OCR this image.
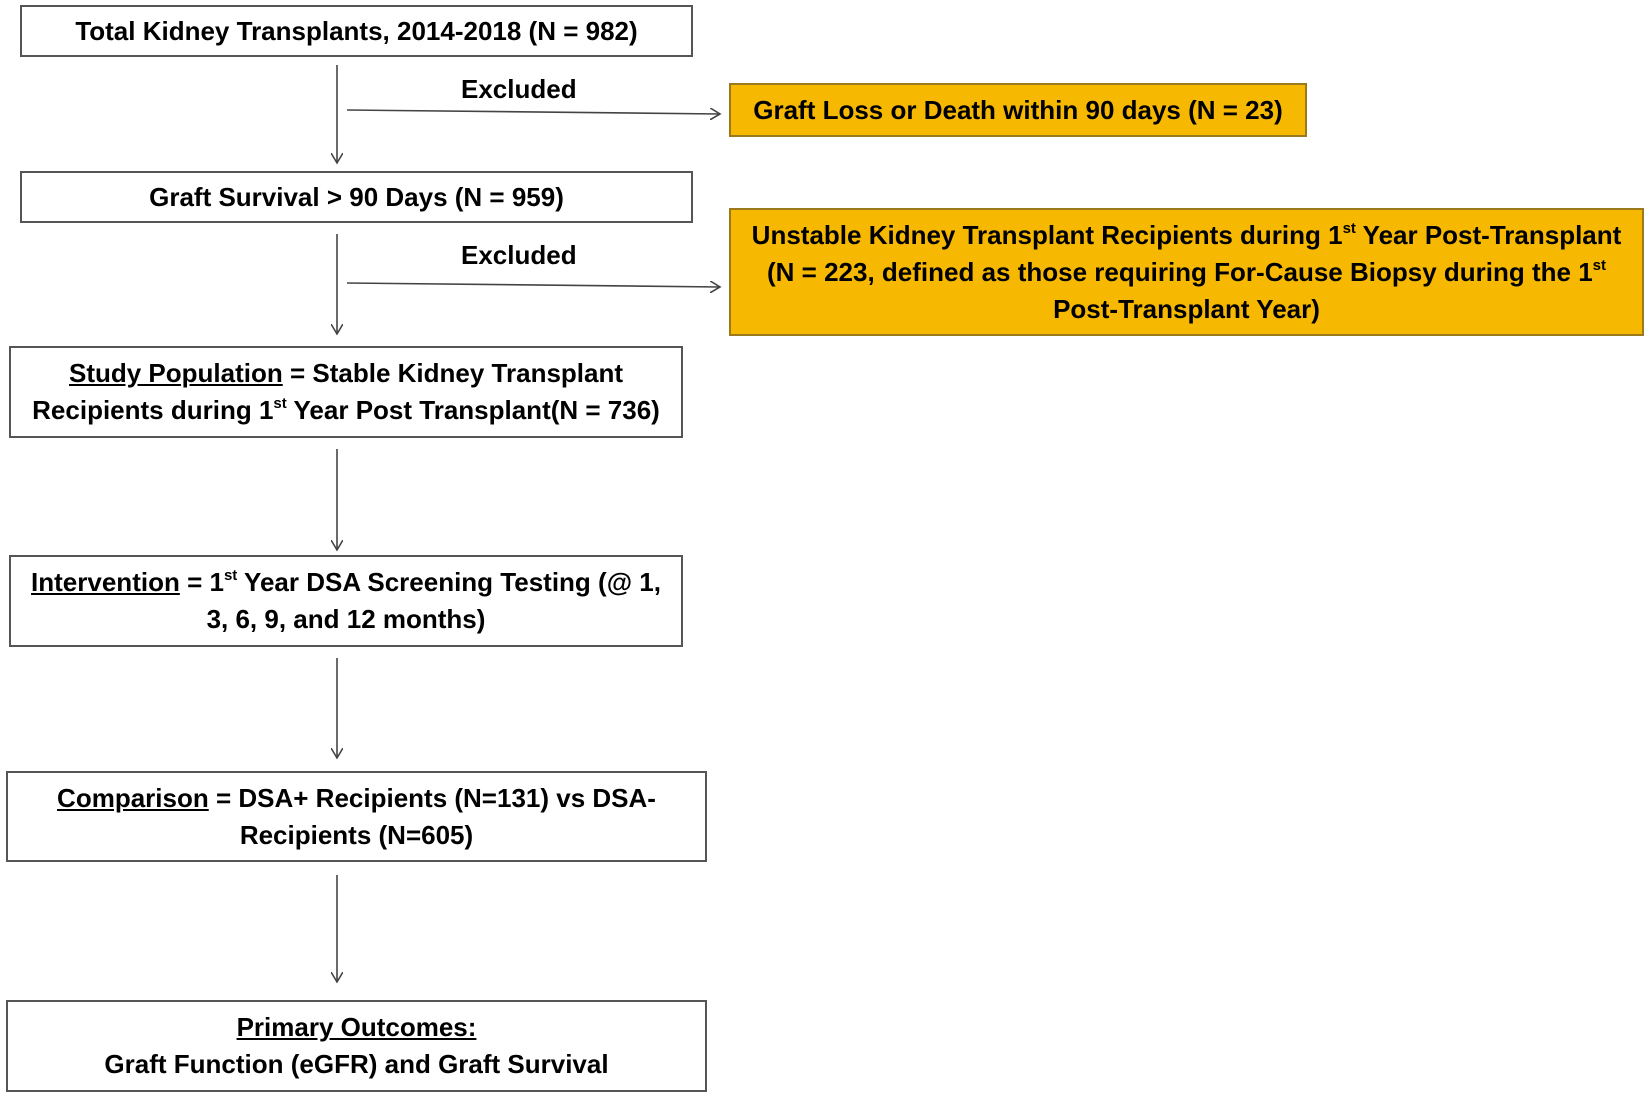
Total Kidney Transplants, 2014-2018 (N = 982)
Excluded
Graft Loss or Death within 90 days (N = 23)
Graft Survival > 90 Days (N = 959)
Excluded
Unstable Kidney Transplant Recipients during 1st Year Post-Transplant
(N = 223, defined as those requiring For-Cause Biopsy during the 1st
Post-Transplant Year)
Study Population = Stable Kidney Transplant
Recipients during 1st Year Post Transplant(N = 736)
Intervention = 1st Year DSA Screening Testing (@ 1,
3, 6, 9, and 12 months)
Comparison = DSA+ Recipients (N=131) vs DSA-
Recipients (N=605)
Primary Outcomes:
Graft Function (eGFR) and Graft Survival
